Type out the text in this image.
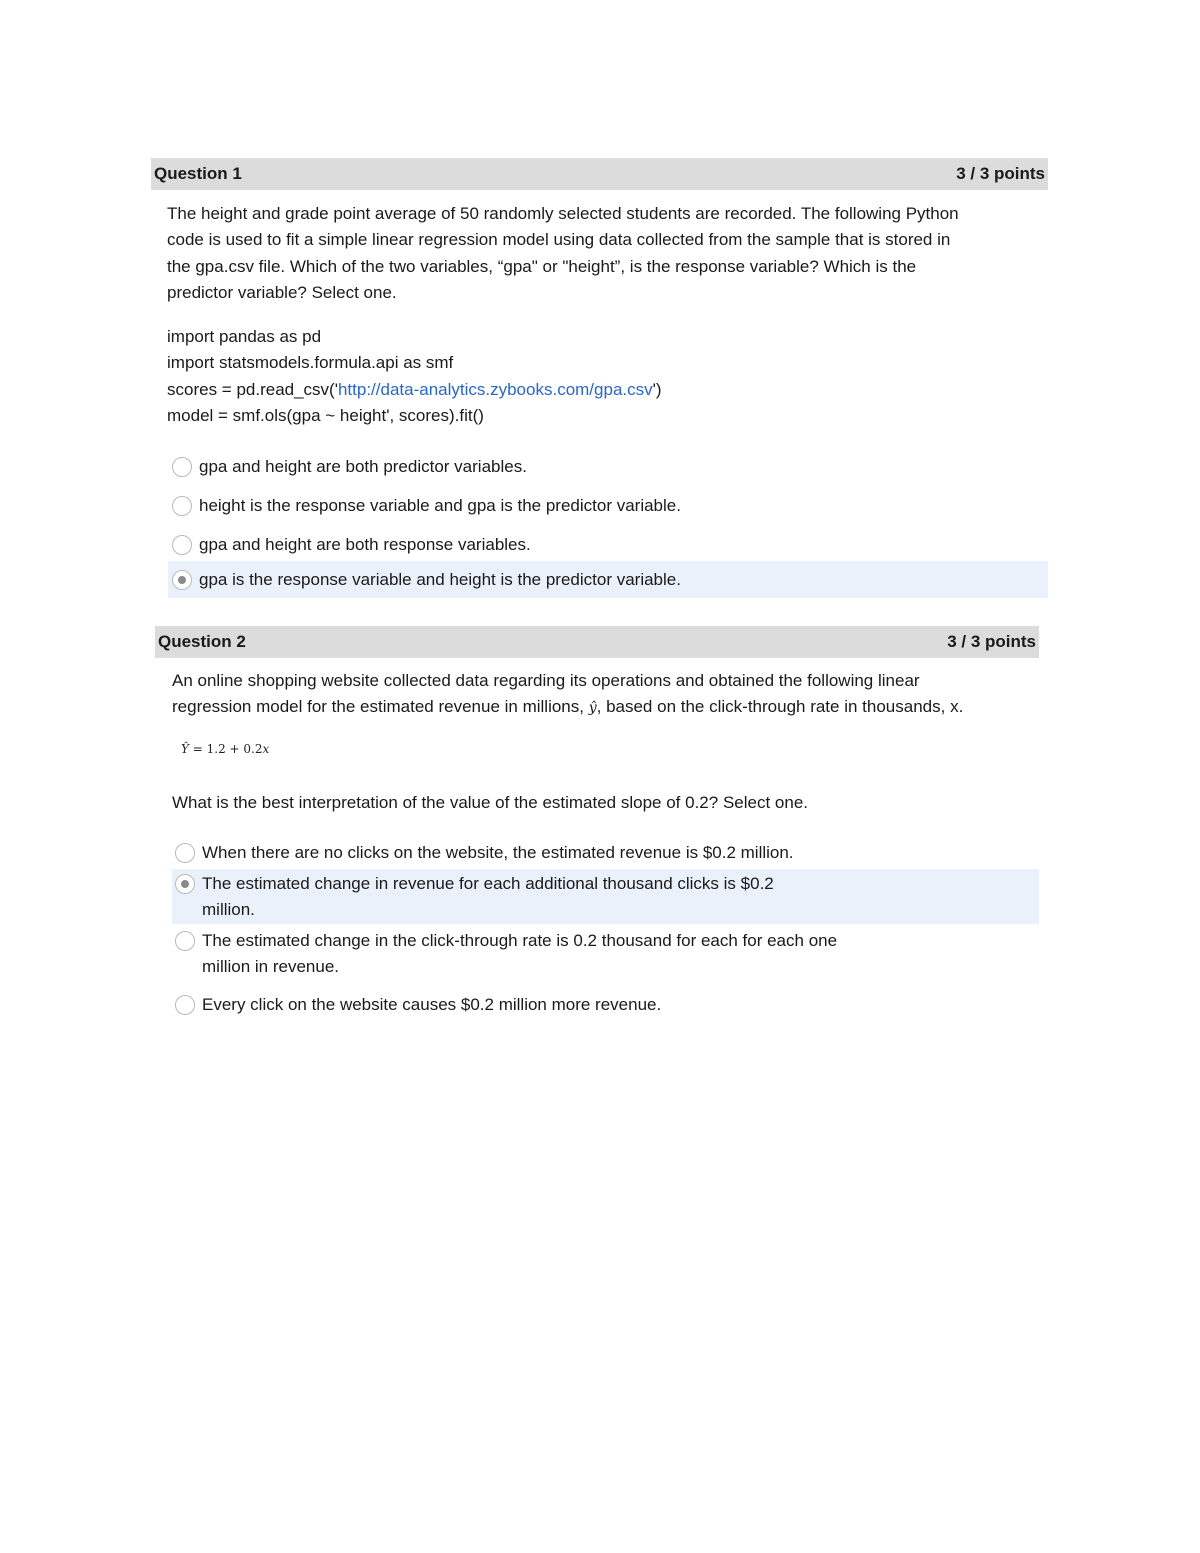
Question 1	3 / 3 points
The height and grade point average of 50 randomly selected students are recorded. The following Python
code is used to fit a simple linear regression model using data collected from the sample that is stored in
the gpa.csv file. Which of the two variables, “gpa" or "height”, is the response variable? Which is the
predictor variable? Select one.
import pandas as pd
import statsmodels.formula.api as smf
scores = pd.read_csv('http://data-analytics.zybooks.com/gpa.csv')
model = smf.ols(gpa ~ height', scores).fit()
gpa and height are both predictor variables.
height is the response variable and gpa is the predictor variable.
gpa and height are both response variables.
gpa is the response variable and height is the predictor variable.
Question 2	3 / 3 points
An online shopping website collected data regarding its operations and obtained the following linear
regression model for the estimated revenue in millions, ŷ, based on the click-through rate in thousands, x.
Ŷ = 1.2 + 0.2x
What is the best interpretation of the value of the estimated slope of 0.2? Select one.
When there are no clicks on the website, the estimated revenue is $0.2 million.
The estimated change in revenue for each additional thousand clicks is $0.2
million.
The estimated change in the click-through rate is 0.2 thousand for each for each one
million in revenue.
Every click on the website causes $0.2 million more revenue.
